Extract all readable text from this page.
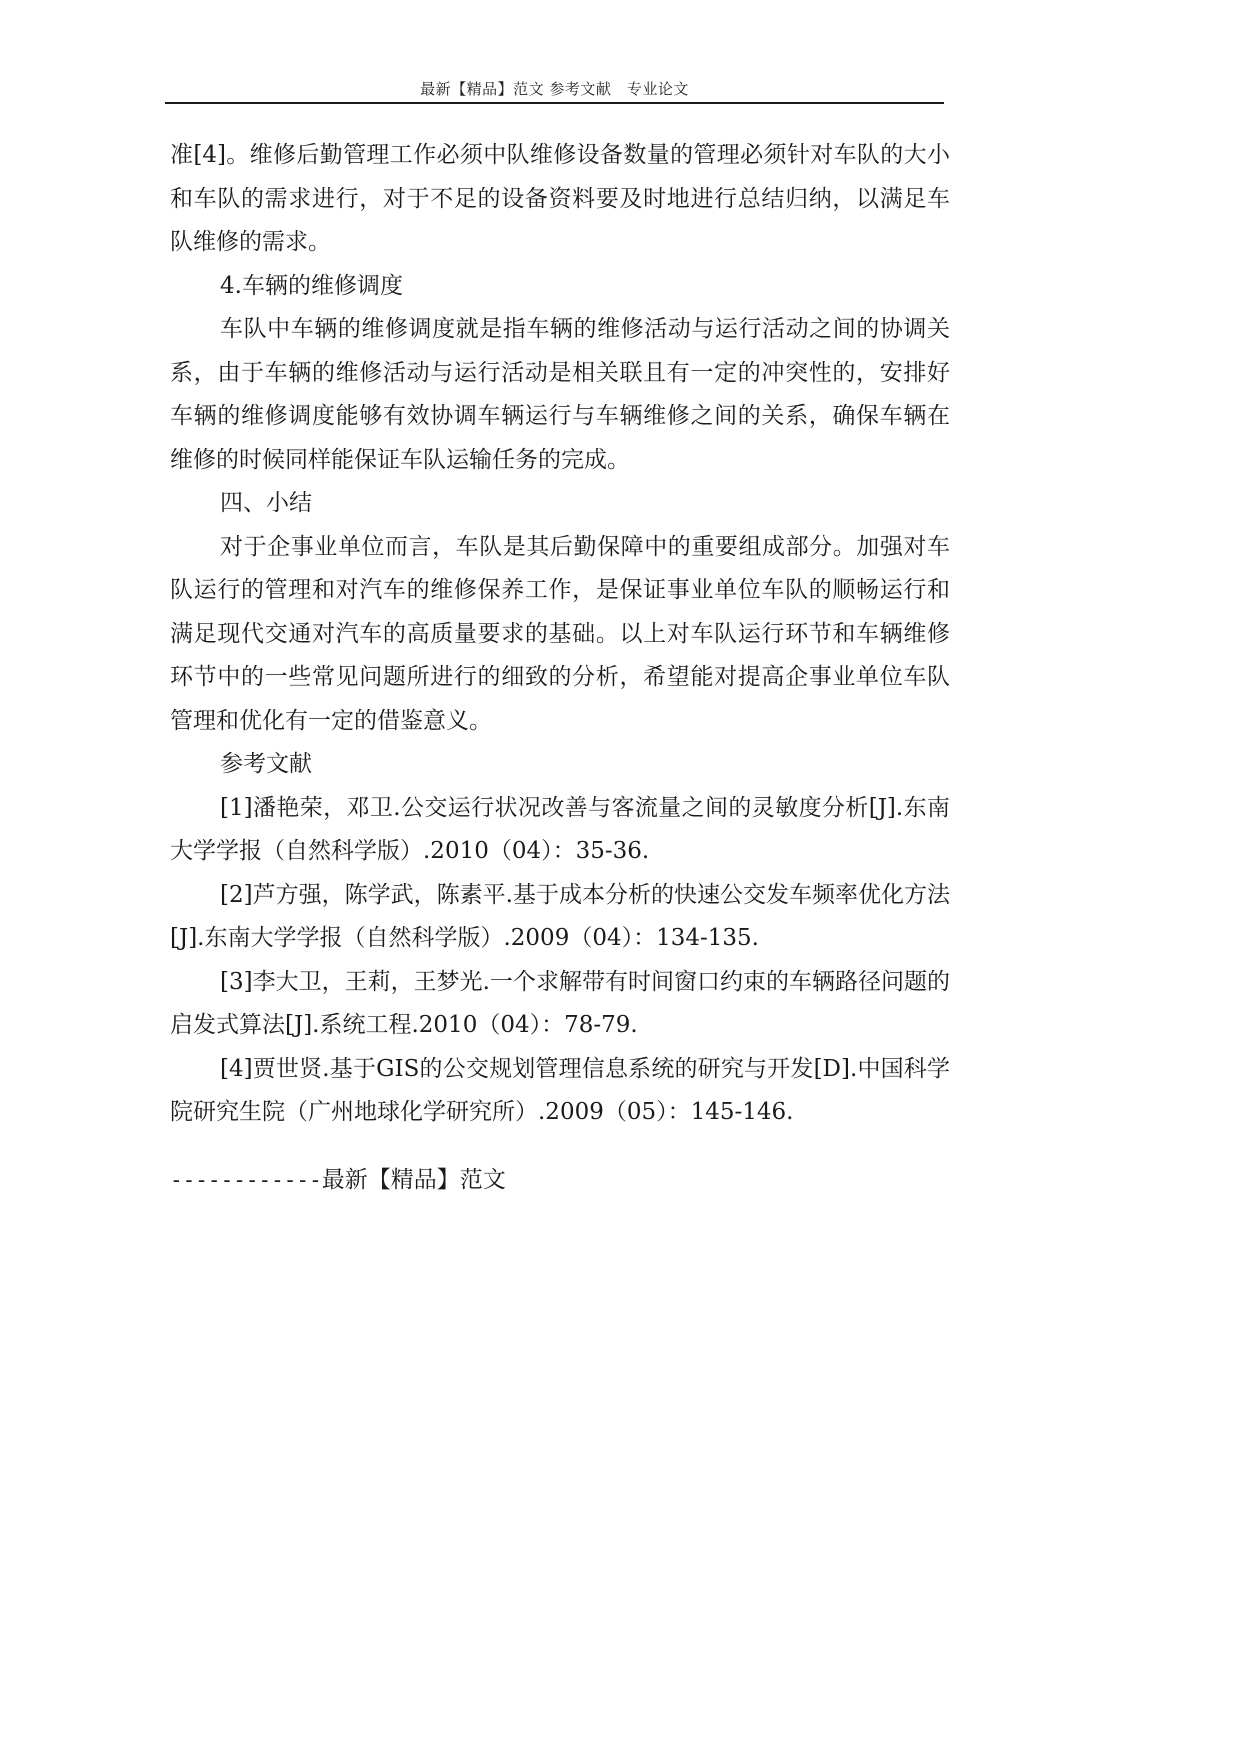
最新【精品】范文 参考文献　专业论文

准[4]。维修后勤管理工作必须中队维修设备数量的管理必须针对车队的大小和车队的需求进行，对于不足的设备资料要及时地进行总结归纳，以满足车队维修的需求。

4.车辆的维修调度

车队中车辆的维修调度就是指车辆的维修活动与运行活动之间的协调关系，由于车辆的维修活动与运行活动是相关联且有一定的冲突性的，安排好车辆的维修调度能够有效协调车辆运行与车辆维修之间的关系，确保车辆在维修的时候同样能保证车队运输任务的完成。

四、小结

对于企事业单位而言，车队是其后勤保障中的重要组成部分。加强对车队运行的管理和对汽车的维修保养工作，是保证事业单位车队的顺畅运行和满足现代交通对汽车的高质量要求的基础。以上对车队运行环节和车辆维修环节中的一些常见问题所进行的细致的分析，希望能对提高企事业单位车队管理和优化有一定的借鉴意义。

参考文献

[1]潘艳荣，邓卫.公交运行状况改善与客流量之间的灵敏度分析[J].东南大学学报（自然科学版）.2010（04）：35-36.

[2]芦方强，陈学武，陈素平.基于成本分析的快速公交发车频率优化方法[J].东南大学学报（自然科学版）.2009（04）：134-135.

[3]李大卫，王莉，王梦光.一个求解带有时间窗口约束的车辆路径问题的启发式算法[J].系统工程.2010（04）：78-79.

[4]贾世贤.基于GIS的公交规划管理信息系统的研究与开发[D].中国科学院研究生院（广州地球化学研究所）.2009（05）：145-146.

------------最新【精品】范文
